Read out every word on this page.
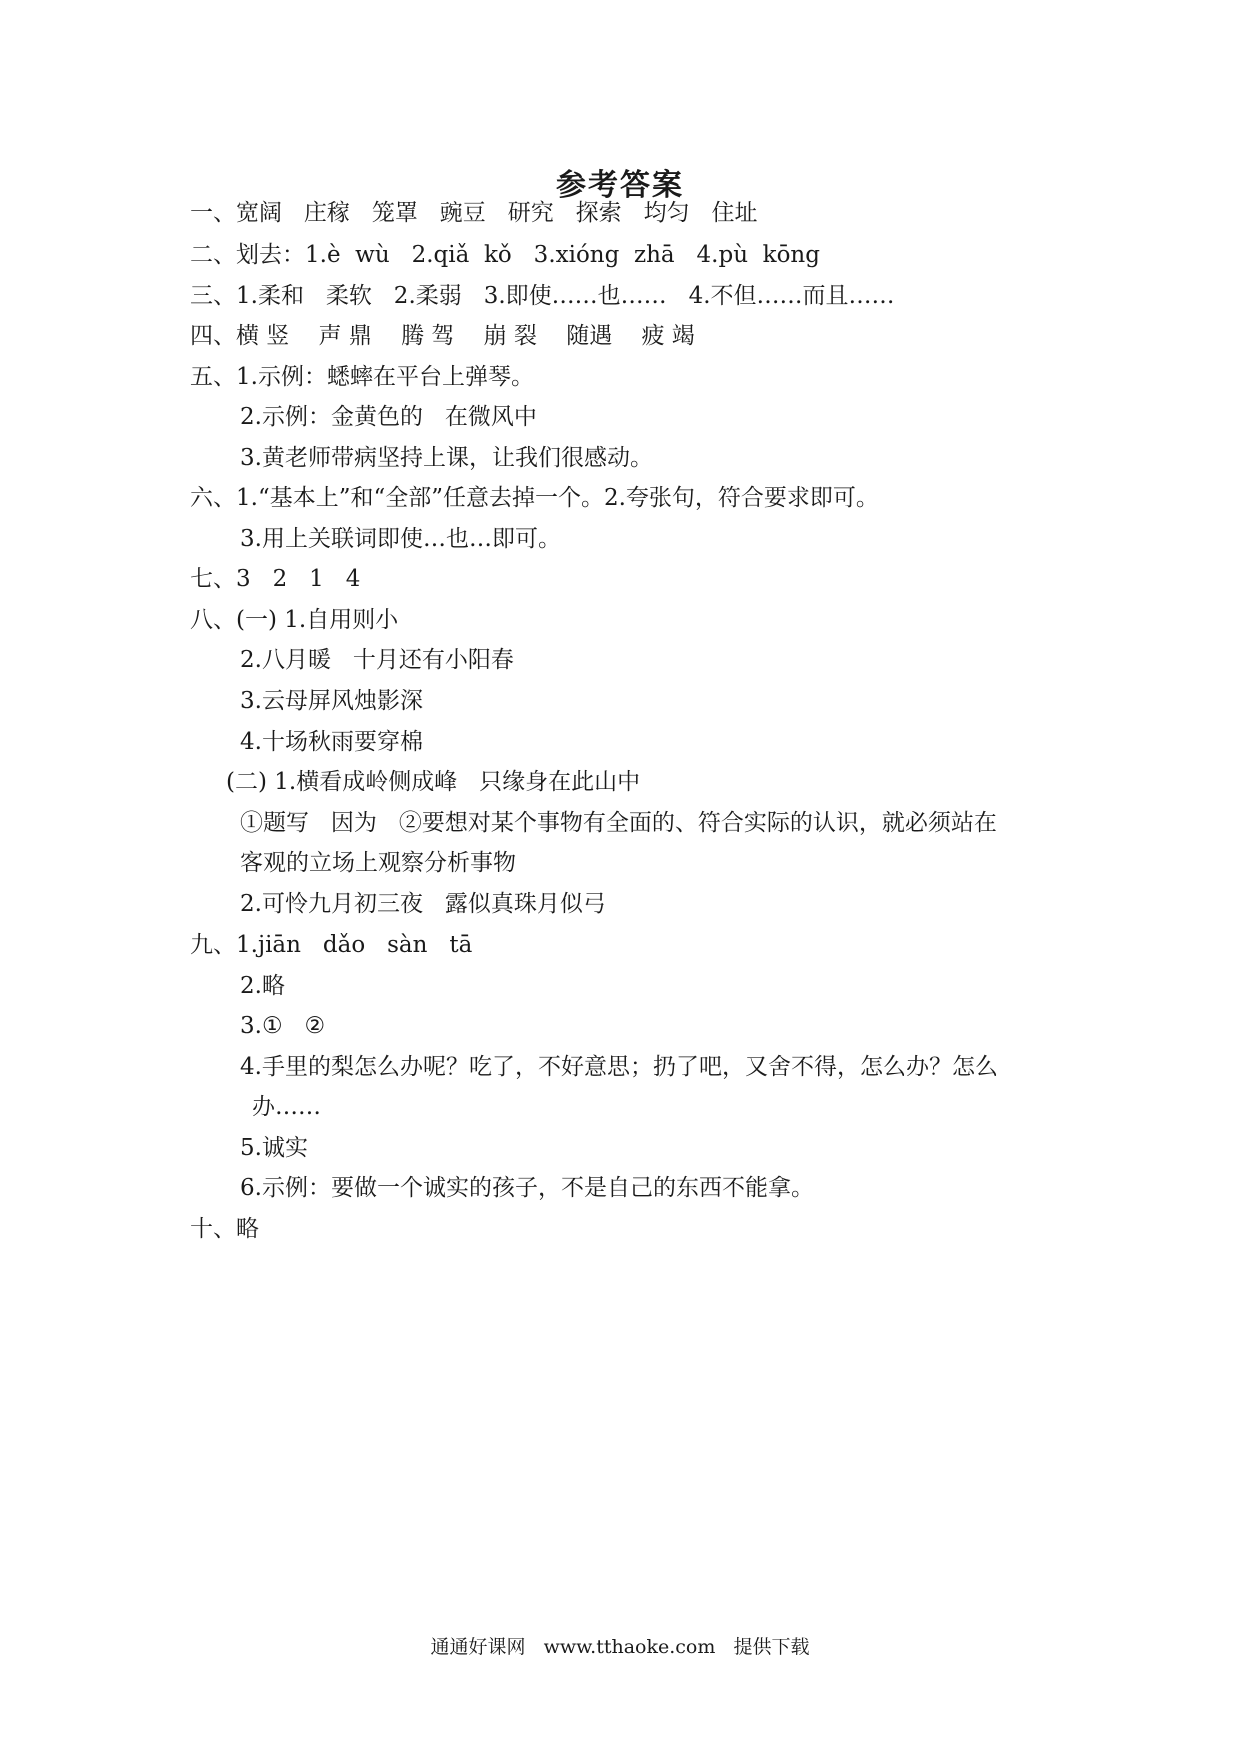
参考答案
一、宽阔   庄稼   笼罩   豌豆   研究   探索   均匀   住址
二、划去：1.è  wù   2.qiǎ  kǒ   3.xióng  zhā   4.pù  kōng
三、1.柔和   柔软   2.柔弱   3.即使……也……   4.不但……而且……
四、横 竖    声 鼎    腾 驾    崩 裂    随遇    疲 竭
五、1.示例：蟋蟀在平台上弹琴。
2.示例：金黄色的   在微风中
3.黄老师带病坚持上课，让我们很感动。
六、1.“基本上”和“全部”任意去掉一个。2.夸张句，符合要求即可。
3.用上关联词即使…也…即可。
七、3   2   1   4
八、(一) 1.自用则小
2.八月暖   十月还有小阳春
3.云母屏风烛影深
4.十场秋雨要穿棉
(二) 1.横看成岭侧成峰   只缘身在此山中
①题写   因为   ②要想对某个事物有全面的、符合实际的认识，就必须站在
客观的立场上观察分析事物
2.可怜九月初三夜   露似真珠月似弓
九、1.jiān   dǎo   sàn   tā
2.略
3.①   ②
4.手里的梨怎么办呢？吃了，不好意思；扔了吧，又舍不得，怎么办？怎么
办……
5.诚实
6.示例：要做一个诚实的孩子，不是自己的东西不能拿。
十、略
通通好课网   www.tthaoke.com   提供下载
